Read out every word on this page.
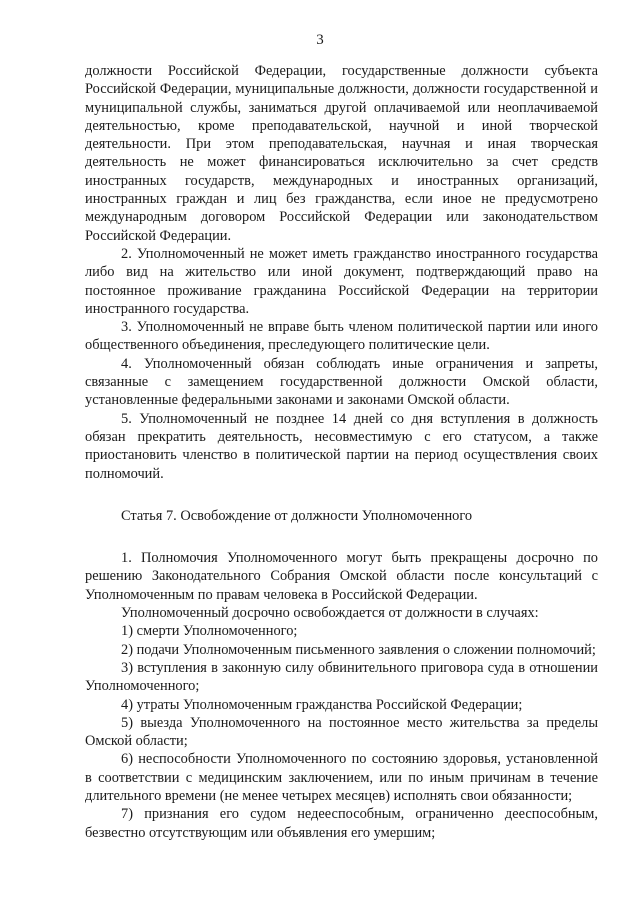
3

должности Российской Федерации, государственные должности субъекта Российской Федерации, муниципальные должности, должности государственной и муниципальной службы, заниматься другой оплачиваемой или неоплачиваемой деятельностью, кроме преподавательской, научной и иной творческой деятельности. При этом преподавательская, научная и иная творческая деятельность не может финансироваться исключительно за счет средств иностранных государств, международных и иностранных организаций, иностранных граждан и лиц без гражданства, если иное не предусмотрено международным договором Российской Федерации или законодательством Российской Федерации.

2. Уполномоченный не может иметь гражданство иностранного государства либо вид на жительство или иной документ, подтверждающий право на постоянное проживание гражданина Российской Федерации на территории иностранного государства.

3. Уполномоченный не вправе быть членом политической партии или иного общественного объединения, преследующего политические цели.

4. Уполномоченный обязан соблюдать иные ограничения и запреты, связанные с замещением государственной должности Омской области, установленные федеральными законами и законами Омской области.

5. Уполномоченный не позднее 14 дней со дня вступления в должность обязан прекратить деятельность, несовместимую с его статусом, а также приостановить членство в политической партии на период осуществления своих полномочий.

Статья 7. Освобождение от должности Уполномоченного

1. Полномочия Уполномоченного могут быть прекращены досрочно по решению Законодательного Собрания Омской области после консультаций с Уполномоченным по правам человека в Российской Федерации.

Уполномоченный досрочно освобождается от должности в случаях:

1) смерти Уполномоченного;

2) подачи Уполномоченным письменного заявления о сложении полномочий;

3) вступления в законную силу обвинительного приговора суда в отношении Уполномоченного;

4) утраты Уполномоченным гражданства Российской Федерации;

5) выезда Уполномоченного на постоянное место жительства за пределы Омской области;

6) неспособности Уполномоченного по состоянию здоровья, установленной в соответствии с медицинским заключением, или по иным причинам в течение длительного времени (не менее четырех месяцев) исполнять свои обязанности;

7) признания его судом недееспособным, ограниченно дееспособным, безвестно отсутствующим или объявления его умершим;
